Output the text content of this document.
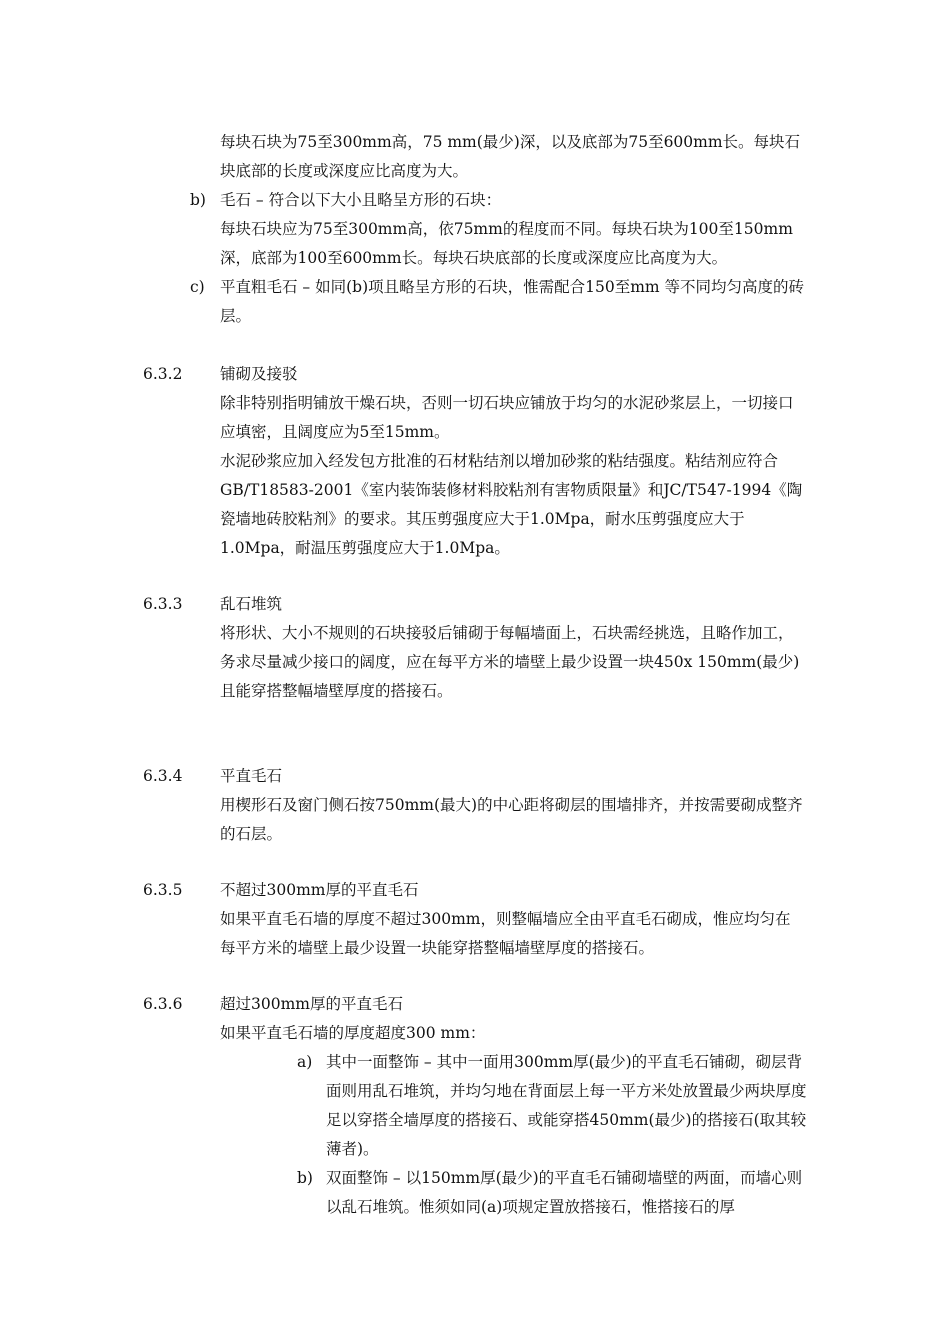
每块石块为75至300mm高，75 mm(最少)深，以及底部为75至600mm长。每块石块底部的长度或深度应比高度为大。

b) 毛石 – 符合以下大小且略呈方形的石块：
每块石块应为75至300mm高，依75mm的程度而不同。每块石块为100至150mm深，底部为100至600mm长。每块石块底部的长度或深度应比高度为大。
c) 平直粗毛石 – 如同(b)项且略呈方形的石块，惟需配合150至mm 等不同均匀高度的砖层。
6.3.2	铺砌及接驳

除非特别指明铺放干燥石块，否则一切石块应铺放于均匀的水泥砂浆层上，一切接口应填密，且阔度应为5至15mm。

水泥砂浆应加入经发包方批准的石材粘结剂以增加砂浆的粘结强度。粘结剂应符合GB/T18583-2001《室内装饰装修材料胶粘剂有害物质限量》和JC/T547-1994《陶瓷墙地砖胶粘剂》的要求。其压剪强度应大于1.0Mpa，耐水压剪强度应大于1.0Mpa，耐温压剪强度应大于1.0Mpa。

6.3.3	乱石堆筑

将形状、大小不规则的石块接驳后铺砌于每幅墙面上，石块需经挑选，且略作加工，

务求尽量减少接口的阔度，应在每平方米的墙壁上最少设置一块450x 150mm(最少)且能穿搭整幅墙壁厚度的搭接石。

6.3.4	平直毛石

用楔形石及窗门侧石按750mm(最大)的中心距将砌层的围墙排齐，并按需要砌成整齐的石层。

6.3.5	不超过300mm厚的平直毛石

如果平直毛石墙的厚度不超过300mm，则整幅墙应全由平直毛石砌成，惟应均匀在每平方米的墙壁上最少设置一块能穿搭整幅墙壁厚度的搭接石。

6.3.6	超过300mm厚的平直毛石

如果平直毛石墙的厚度超度300 mm：

a) 其中一面整饰 – 其中一面用300mm厚(最少)的平直毛石铺砌，砌层背面则用乱石堆筑，并均匀地在背面层上每一平方米处放置最少两块厚度足以穿搭全墙厚度的搭接石、或能穿搭450mm(最少)的搭接石(取其较薄者)。
b) 双面整饰 – 以150mm厚(最少)的平直毛石铺砌墙壁的两面，而墙心则以乱石堆筑。惟须如同(a)项规定置放搭接石，惟搭接石的厚
